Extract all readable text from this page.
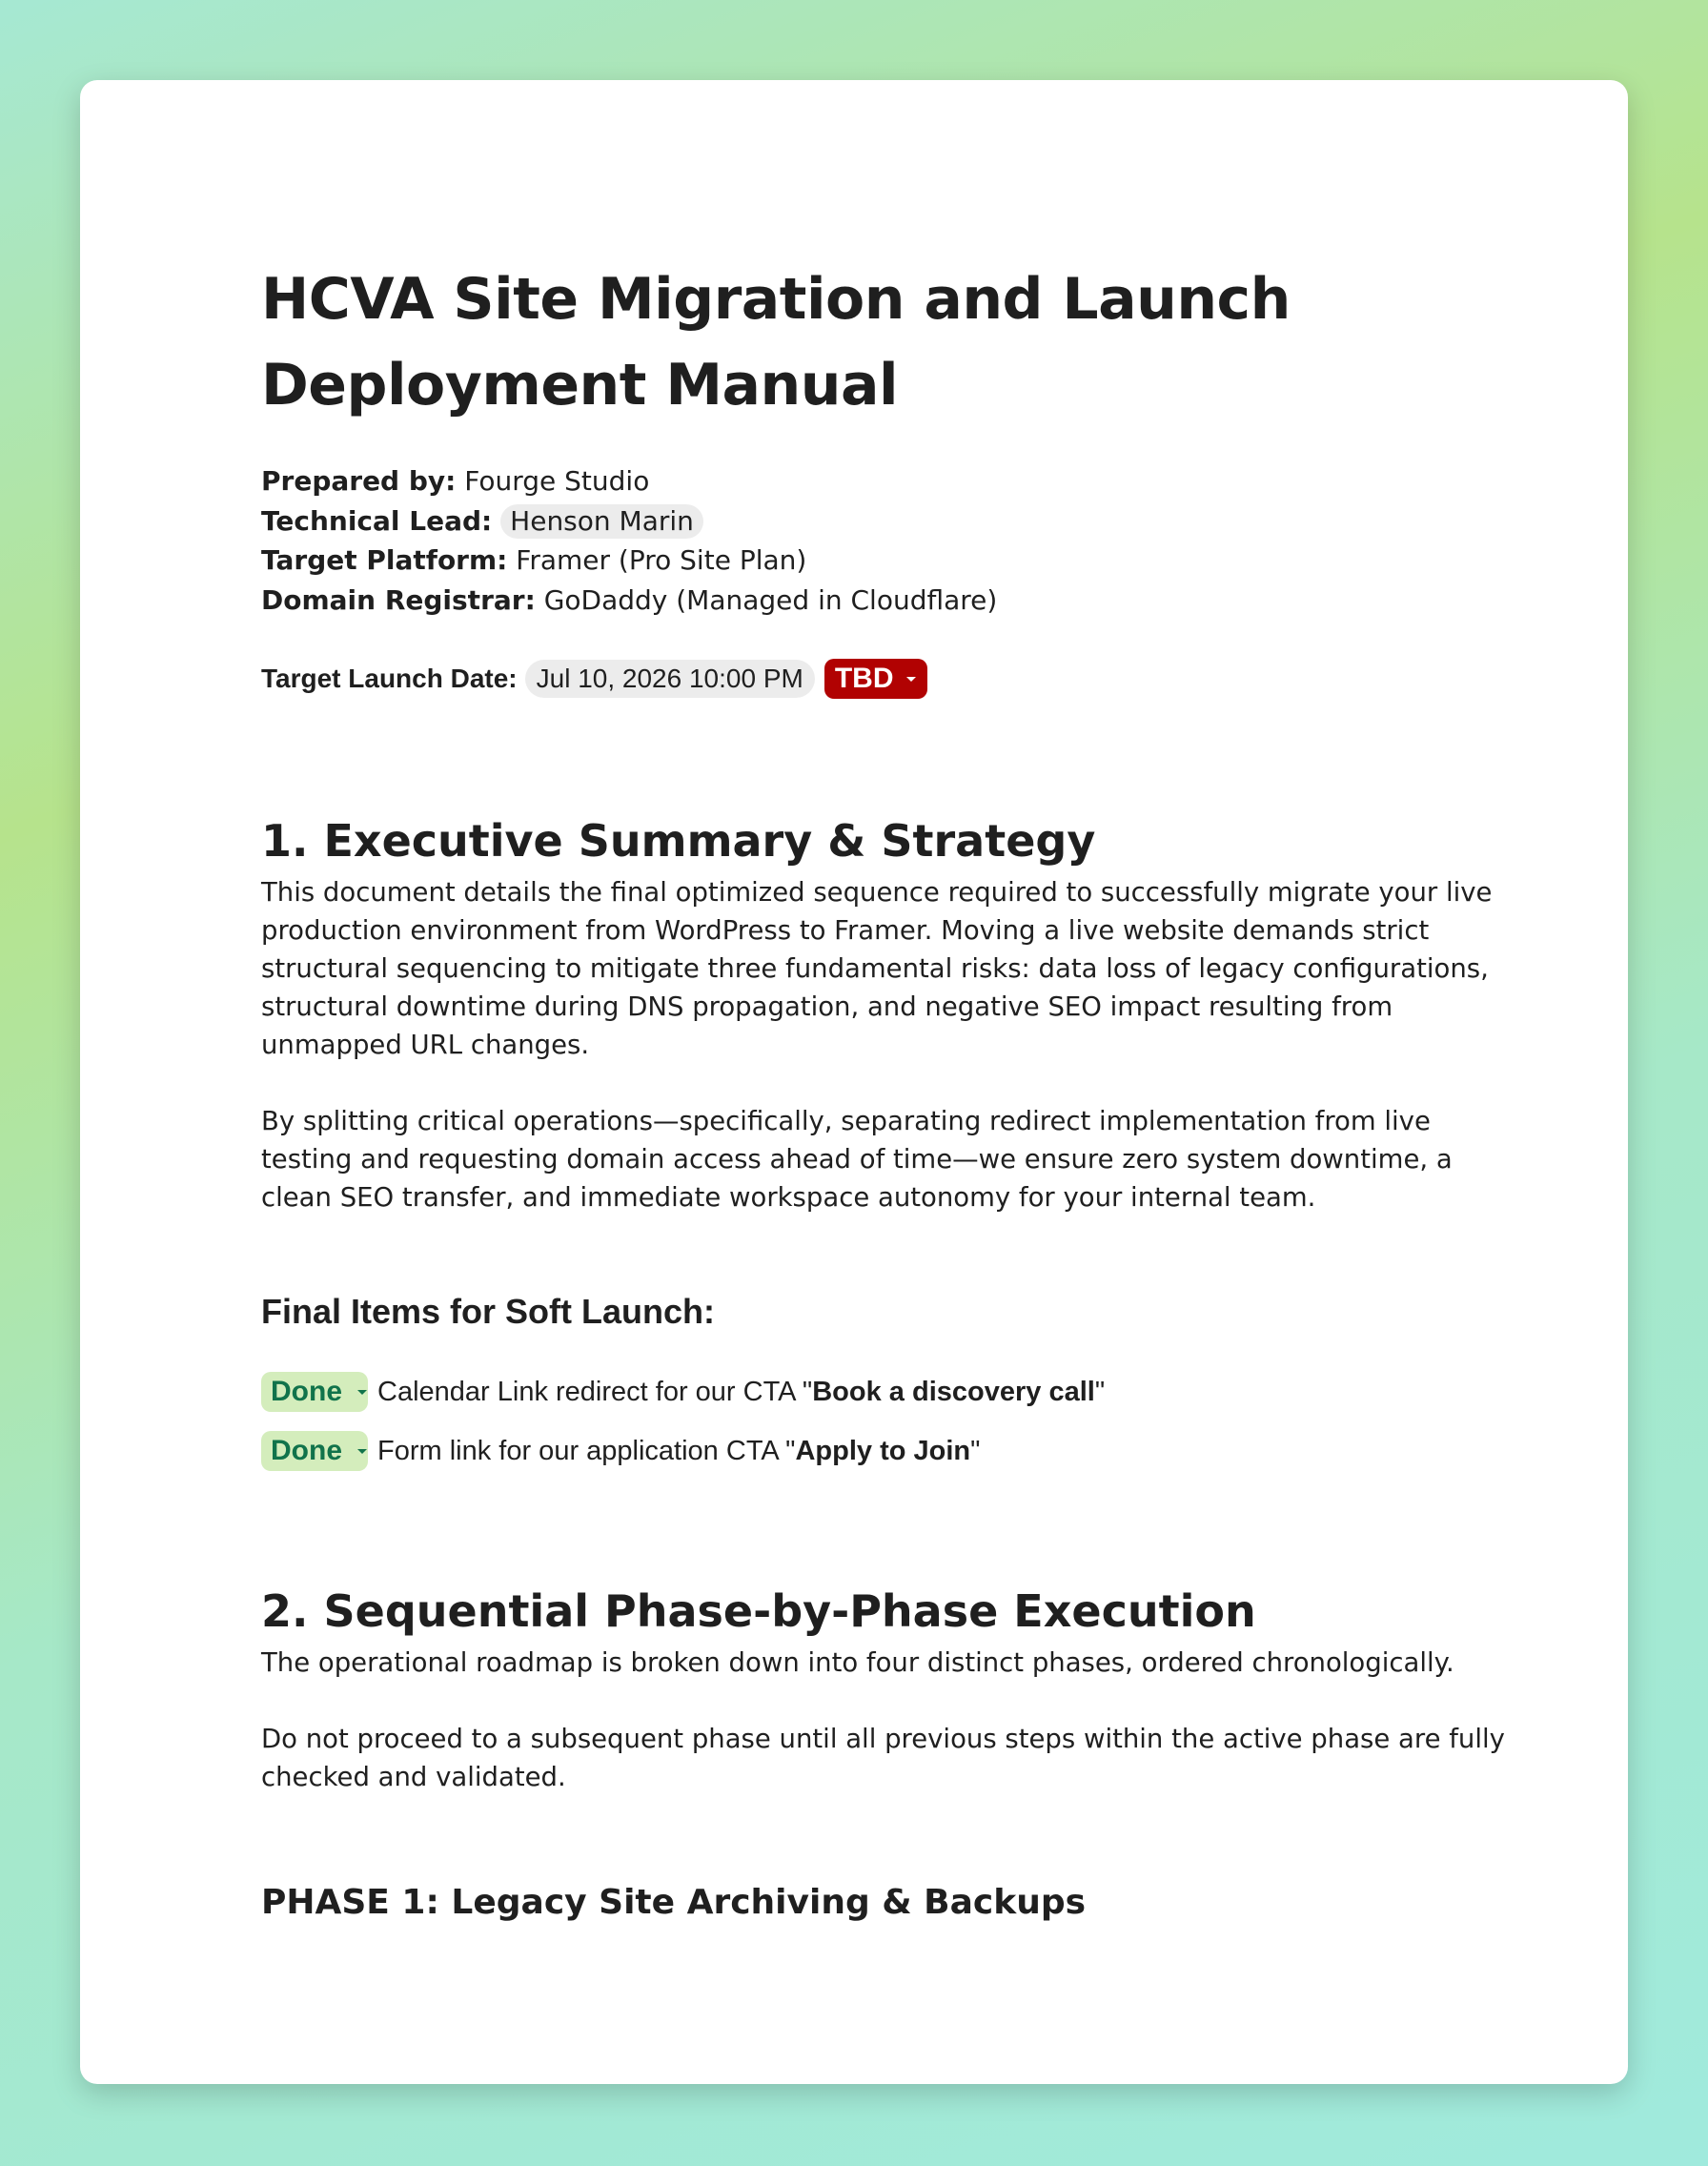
HCVA Site Migration and Launch Deployment Manual
Prepared by: Fourge Studio
Technical Lead: Henson Marin
Target Platform: Framer (Pro Site Plan)
Domain Registrar: GoDaddy (Managed in Cloudflare)
Target Launch Date: Jul 10, 2026 10:00 PM	TBD
1. Executive Summary & Strategy

This document details the final optimized sequence required to successfully migrate your live production environment from WordPress to Framer. Moving a live website demands strict structural sequencing to mitigate three fundamental risks: data loss of legacy configurations, structural downtime during DNS propagation, and negative SEO impact resulting from unmapped URL changes.

By splitting critical operations—specifically, separating redirect implementation from live testing and requesting domain access ahead of time—we ensure zero system downtime, a clean SEO transfer, and immediate workspace autonomy for your internal team.

Final Items for Soft Launch:
Done Calendar Link redirect for our CTA "Book a discovery call"
Done Form link for our application CTA "Apply to Join"
2. Sequential Phase-by-Phase Execution

The operational roadmap is broken down into four distinct phases, ordered chronologically.

Do not proceed to a subsequent phase until all previous steps within the active phase are fully checked and validated.

PHASE 1: Legacy Site Archiving & Backups
